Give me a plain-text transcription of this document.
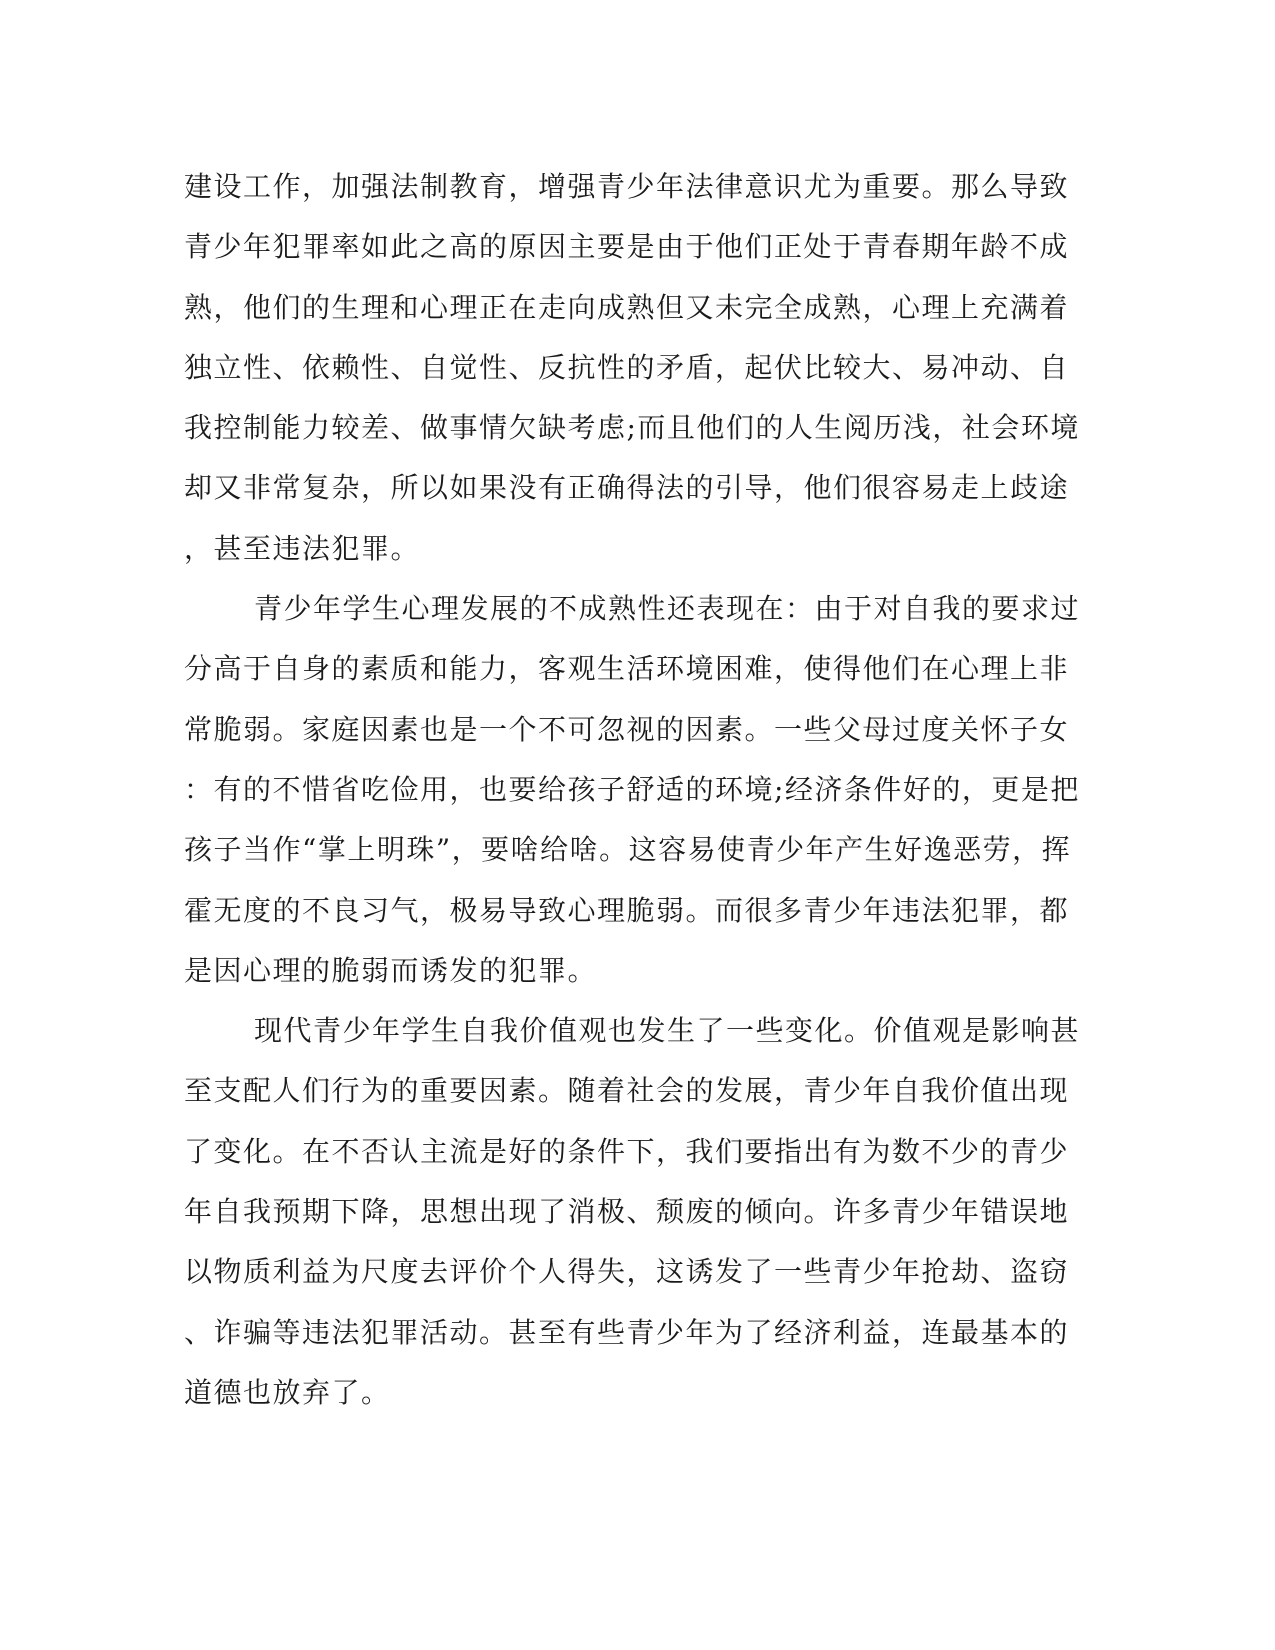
建设工作，加强法制教育，增强青少年法律意识尤为重要。那么导致
青少年犯罪率如此之高的原因主要是由于他们正处于青春期年龄不成
熟，他们的生理和心理正在走向成熟但又未完全成熟，心理上充满着
独立性、依赖性、自觉性、反抗性的矛盾，起伏比较大、易冲动、自
我控制能力较差、做事情欠缺考虑;而且他们的人生阅历浅，社会环境
却又非常复杂，所以如果没有正确得法的引导，他们很容易走上歧途
，甚至违法犯罪。
青少年学生心理发展的不成熟性还表现在：由于对自我的要求过
分高于自身的素质和能力，客观生活环境困难，使得他们在心理上非
常脆弱。家庭因素也是一个不可忽视的因素。一些父母过度关怀子女
：有的不惜省吃俭用，也要给孩子舒适的环境;经济条件好的，更是把
孩子当作“掌上明珠”，要啥给啥。这容易使青少年产生好逸恶劳，挥
霍无度的不良习气，极易导致心理脆弱。而很多青少年违法犯罪，都
是因心理的脆弱而诱发的犯罪。
现代青少年学生自我价值观也发生了一些变化。价值观是影响甚
至支配人们行为的重要因素。随着社会的发展，青少年自我价值出现
了变化。在不否认主流是好的条件下，我们要指出有为数不少的青少
年自我预期下降，思想出现了消极、颓废的倾向。许多青少年错误地
以物质利益为尺度去评价个人得失，这诱发了一些青少年抢劫、盗窃
、诈骗等违法犯罪活动。甚至有些青少年为了经济利益，连最基本的
道德也放弃了。
